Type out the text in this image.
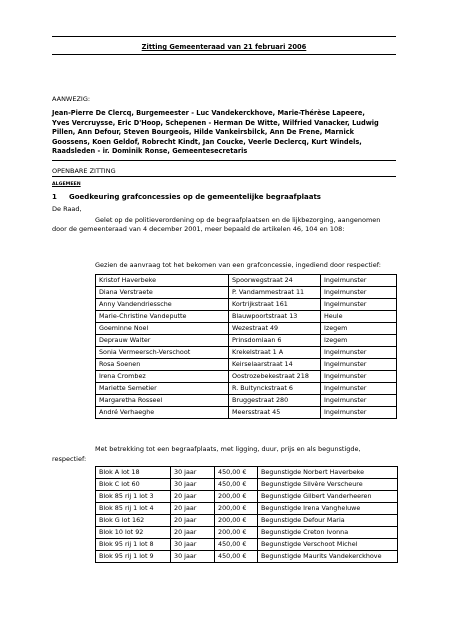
Zitting Gemeenteraad van 21 februari 2006
AANWEZIG:
Jean-Pierre De Clercq, Burgemeester - Luc Vandekerckhove, Marie-Thérèse Lapeere,
Yves Vercruysse, Eric D'Hoop, Schepenen - Herman De Witte, Wilfried Vanacker, Ludwig
Pillen, Ann Defour, Steven Bourgeois, Hilde Vankeirsbilck, Ann De Frene, Marnick
Goossens, Koen Geldof, Robrecht Kindt, Jan Coucke, Veerle Declercq, Kurt Windels,
Raadsleden - ir. Dominik Ronse, Gemeentesecretaris
OPENBARE ZITTING
ALGEMEEN
1 Goedkeuring grafconcessies op de gemeentelijke begraafplaats
De Raad,
Gelet op de politieverordening op de begraafplaatsen en de lijkbezorging, aangenomen
door de gemeenteraad van 4 december 2001, meer bepaald de artikelen 46, 104 en 108:
Gezien de aanvraag tot het bekomen van een grafconcessie, ingediend door respectief:
Kristof Haverbeke	Spoorwegstraat 24	Ingelmunster
Diana Verstraete	P. Vandammestraat 11	Ingelmunster
Anny Vandendriessche	Kortrijkstraat 161	Ingelmunster
Marie-Christine Vandeputte	Blauwpoortstraat 13	Heule
Goeminne Noel	Wezestraat 49	Izegem
Deprauw Walter	Prinsdomlaan 6	Izegem
Sonia Vermeersch-Verschoot	Krekelstraat 1 A	Ingelmunster
Rosa Soenen	Keirselaarstraat 14	Ingelmunster
Irena Crombez	Oostrozebekestraat 218	Ingelmunster
Mariette Semetier	R. Bultynckstraat 6	Ingelmunster
Margaretha Rosseel	Bruggestraat 280	Ingelmunster
André Verhaeghe	Meersstraat 45	Ingelmunster
Met betrekking tot een begraafplaats, met ligging, duur, prijs en als begunstigde,
respectief:
Blok A lot 18	30 jaar	450,00 €	Begunstigde Norbert Haverbeke
Blok C lot 60	30 jaar	450,00 €	Begunstigde Silvère Verscheure
Blok 85 rij 1 lot 3	20 jaar	200,00 €	Begunstigde Gilbert Vanderheeren
Blok 85 rij 1 lot 4	20 jaar	200,00 €	Begunstigde Irena Vangheluwe
Blok G lot 162	20 jaar	200,00 €	Begunstigde Defour Maria
Blok 10 lot 92	20 jaar	200,00 €	Begunstigde Creton Ivonna
Blok 95 rij 1 lot 8	30 jaar	450,00 €	Begunstigde Verschoot Michel
Blok 95 rij 1 lot 9	30 jaar	450,00 €	Begunstigde Maurits Vandekerckhove
